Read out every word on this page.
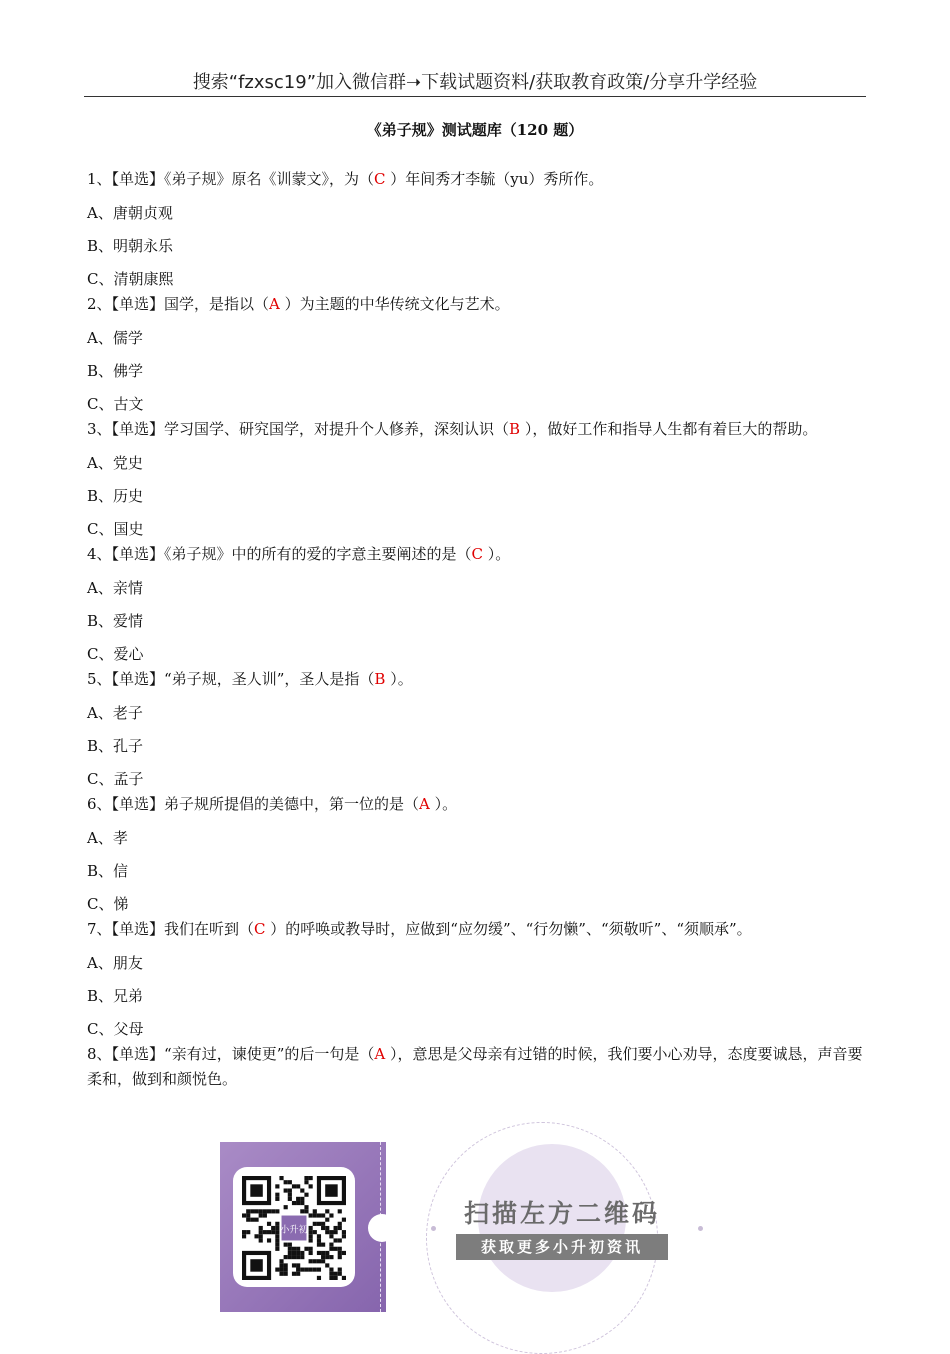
搜索“fzxsc19”加入微信群➝下载试题资料/获取教育政策/分享升学经验
《弟子规》测试题库（120 题）

1、【单选】《弟子规》原名《训蒙文》，为（C ）年间秀才李毓（yu）秀所作。

A、唐朝贞观

B、明朝永乐

C、清朝康熙

2、【单选】国学，是指以（A ）为主题的中华传统文化与艺术。

A、儒学

B、佛学

C、古文

3、【单选】学习国学、研究国学，对提升个人修养，深刻认识（B ），做好工作和指导人生都有着巨大的帮助。

A、党史

B、历史

C、国史

4、【单选】《弟子规》中的所有的爱的字意主要阐述的是（C ）。

A、亲情

B、爱情

C、爱心

5、【单选】“弟子规，圣人训”，圣人是指（B ）。

A、老子

B、孔子

C、孟子

6、【单选】弟子规所提倡的美德中，第一位的是（A ）。

A、孝

B、信

C、悌

7、【单选】我们在听到（C ）的呼唤或教导时，应做到“应勿缓”、“行勿懒”、“须敬听”、“须顺承”。

A、朋友

B、兄弟

C、父母

8、【单选】“亲有过，谏使更”的后一句是（A ），意思是父母亲有过错的时候，我们要小心劝导，态度要诚恳，声音要柔和，做到和颜悦色。

小升初
扫描左方二维码
获取更多小升初资讯
